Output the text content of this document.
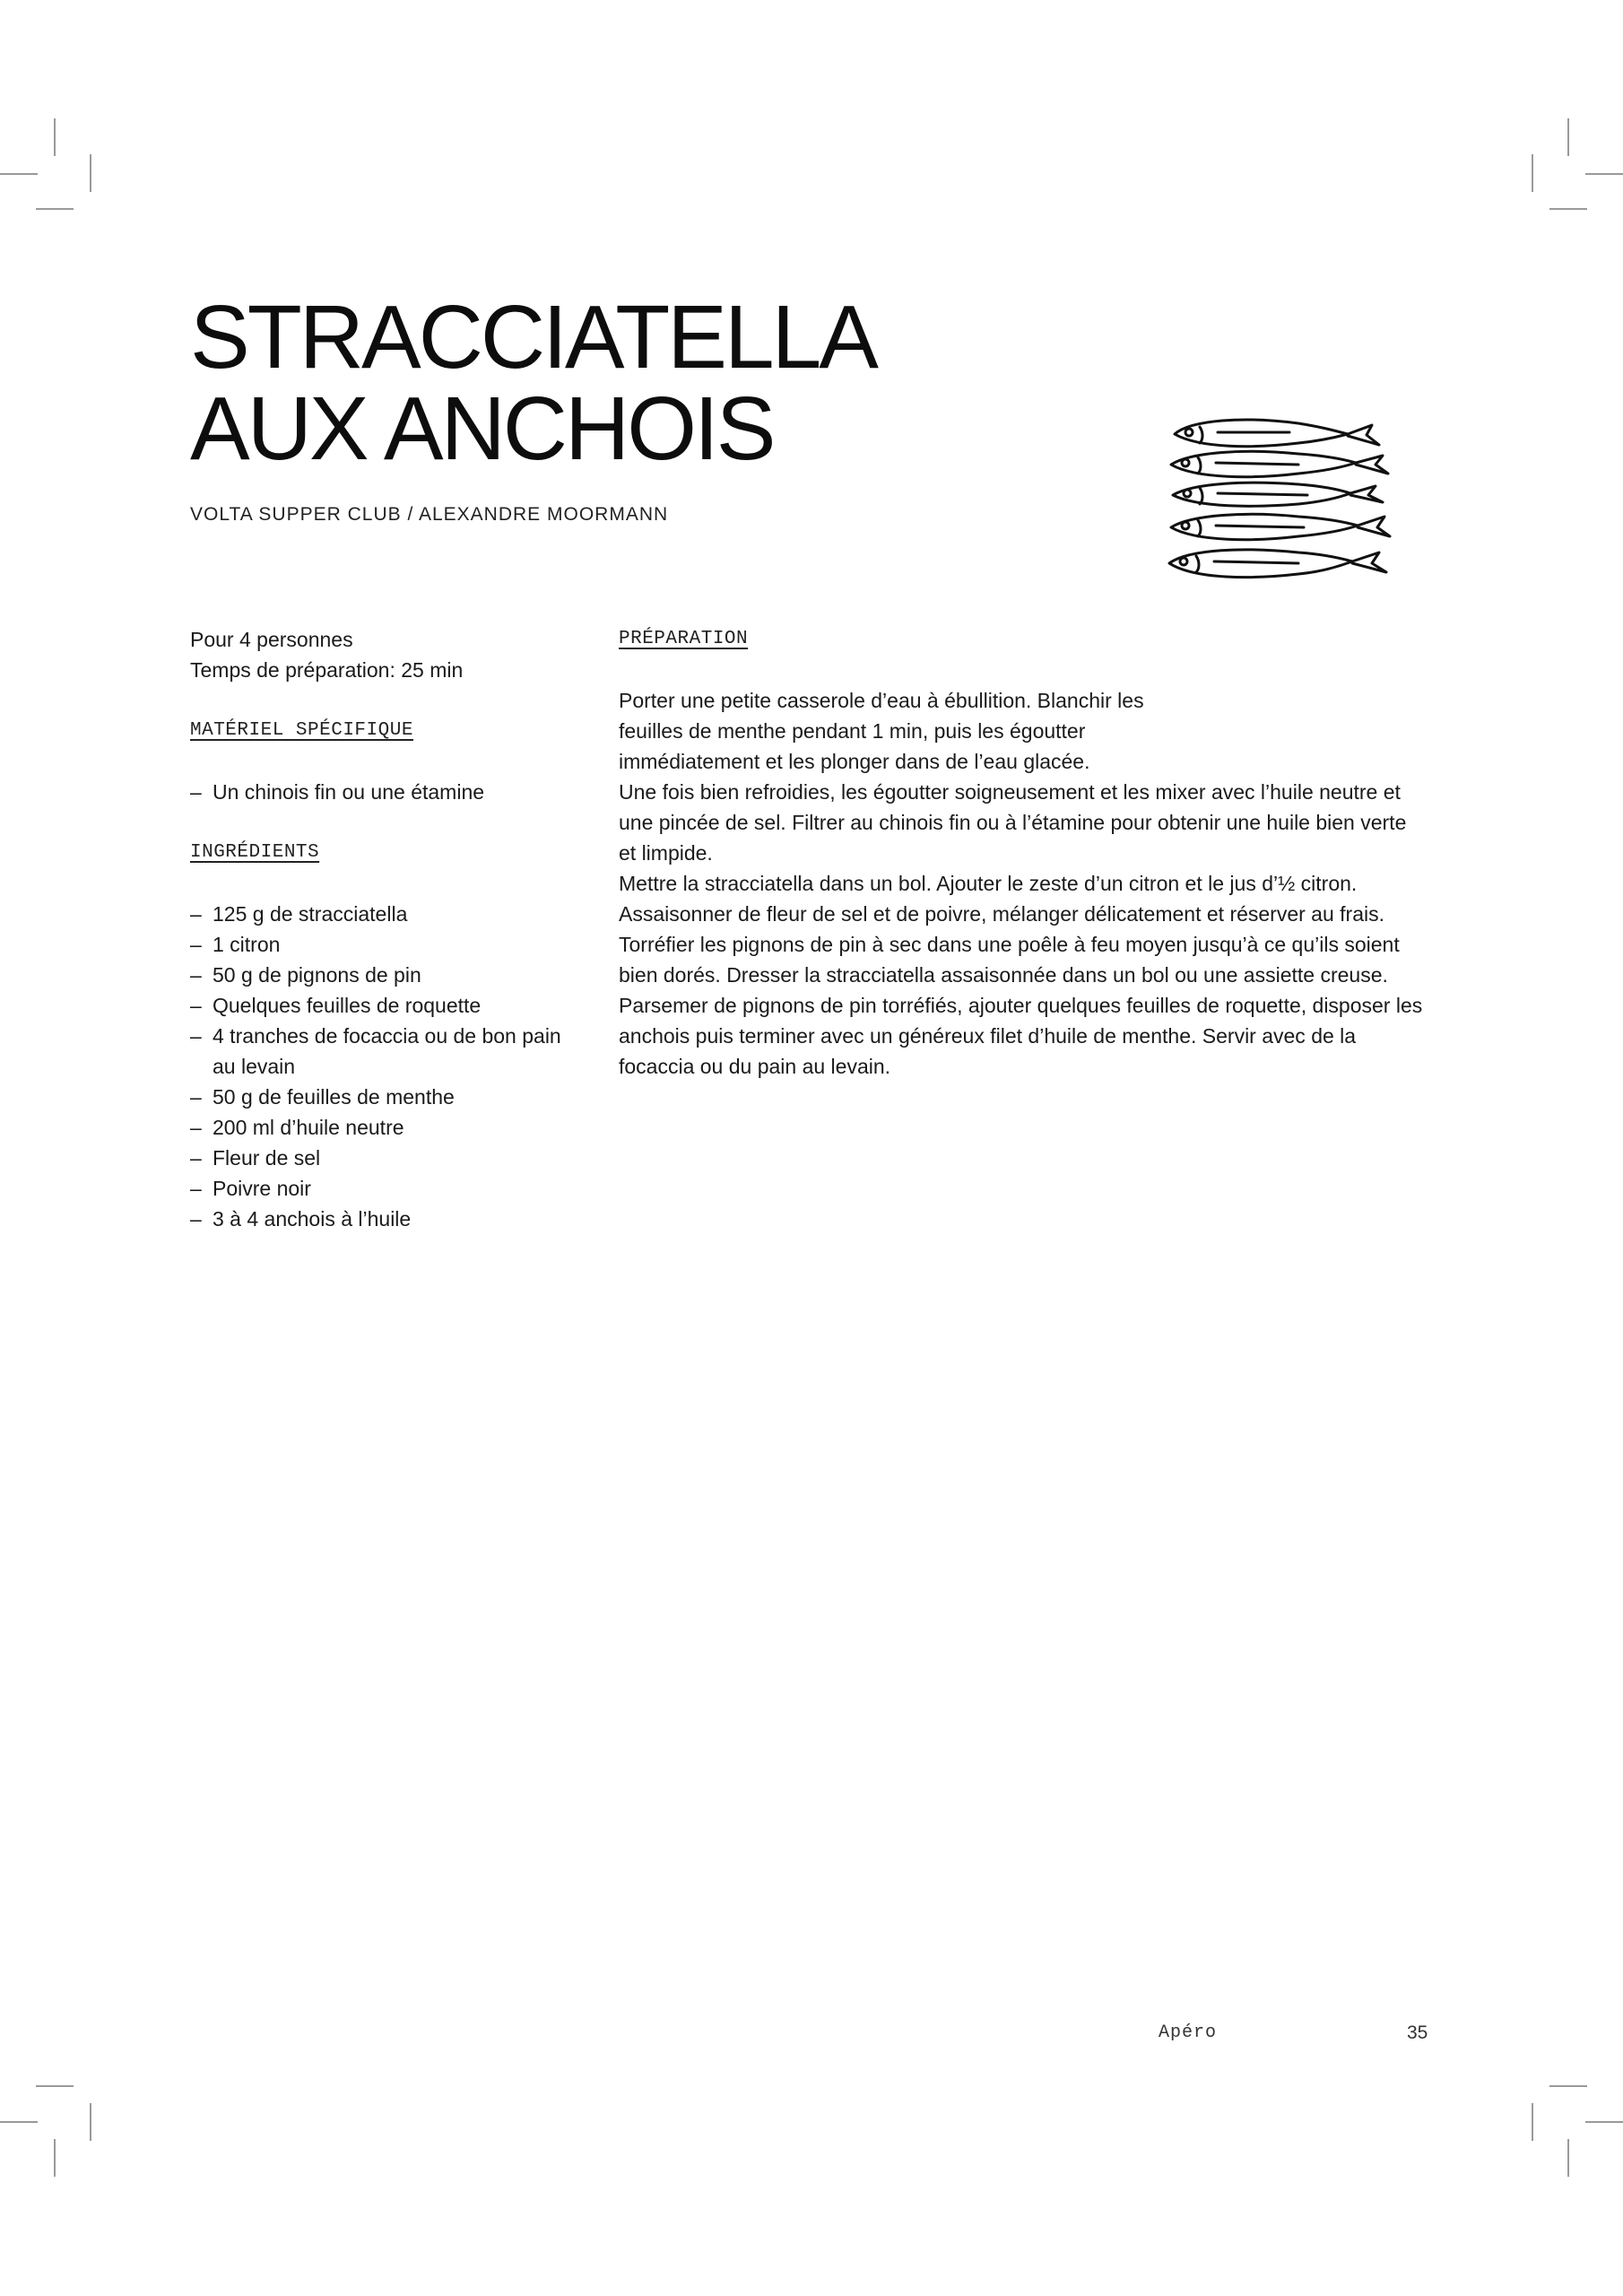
STRACCIATELLA
AUX ANCHOIS
VOLTA SUPPER CLUB / ALEXANDRE MOORMANN

Pour 4 personnes

Temps de préparation: 25 min

MATÉRIEL SPÉCIFIQUE

– Un chinois fin ou une étamine

INGRÉDIENTS

– 125 g de stracciatella
– 1 citron
– 50 g de pignons de pin
– Quelques feuilles de roquette
– 4 tranches de focaccia ou de bon pain au levain
– 50 g de feuilles de menthe
– 200 ml d’huile neutre
– Fleur de sel
– Poivre noir
– 3 à 4 anchois à l’huile

PRÉPARATION

Porter une petite casserole d’eau à ébullition. Blanchir les feuilles de menthe pendant 1 min, puis les égoutter immédiatement et les plonger dans de l’eau glacée.

Une fois bien refroidies, les égoutter soigneusement et les mixer avec l’huile neutre et une pincée de sel. Filtrer au chinois fin ou à l’étamine pour obtenir une huile bien verte et limpide.

Mettre la stracciatella dans un bol. Ajouter le zeste d’un citron et le jus d’½ citron. Assaisonner de fleur de sel et de poivre, mélanger délicatement et réserver au frais.

Torréfier les pignons de pin à sec dans une poêle à feu moyen jusqu’à ce qu’ils soient bien dorés. Dresser la stracciatella assaisonnée dans un bol ou une assiette creuse. Parsemer de pignons de pin torréfiés, ajouter quelques feuilles de roquette, disposer les anchois puis terminer avec un généreux filet d’huile de menthe. Servir avec de la focaccia ou du pain au levain.

Apéro	35
